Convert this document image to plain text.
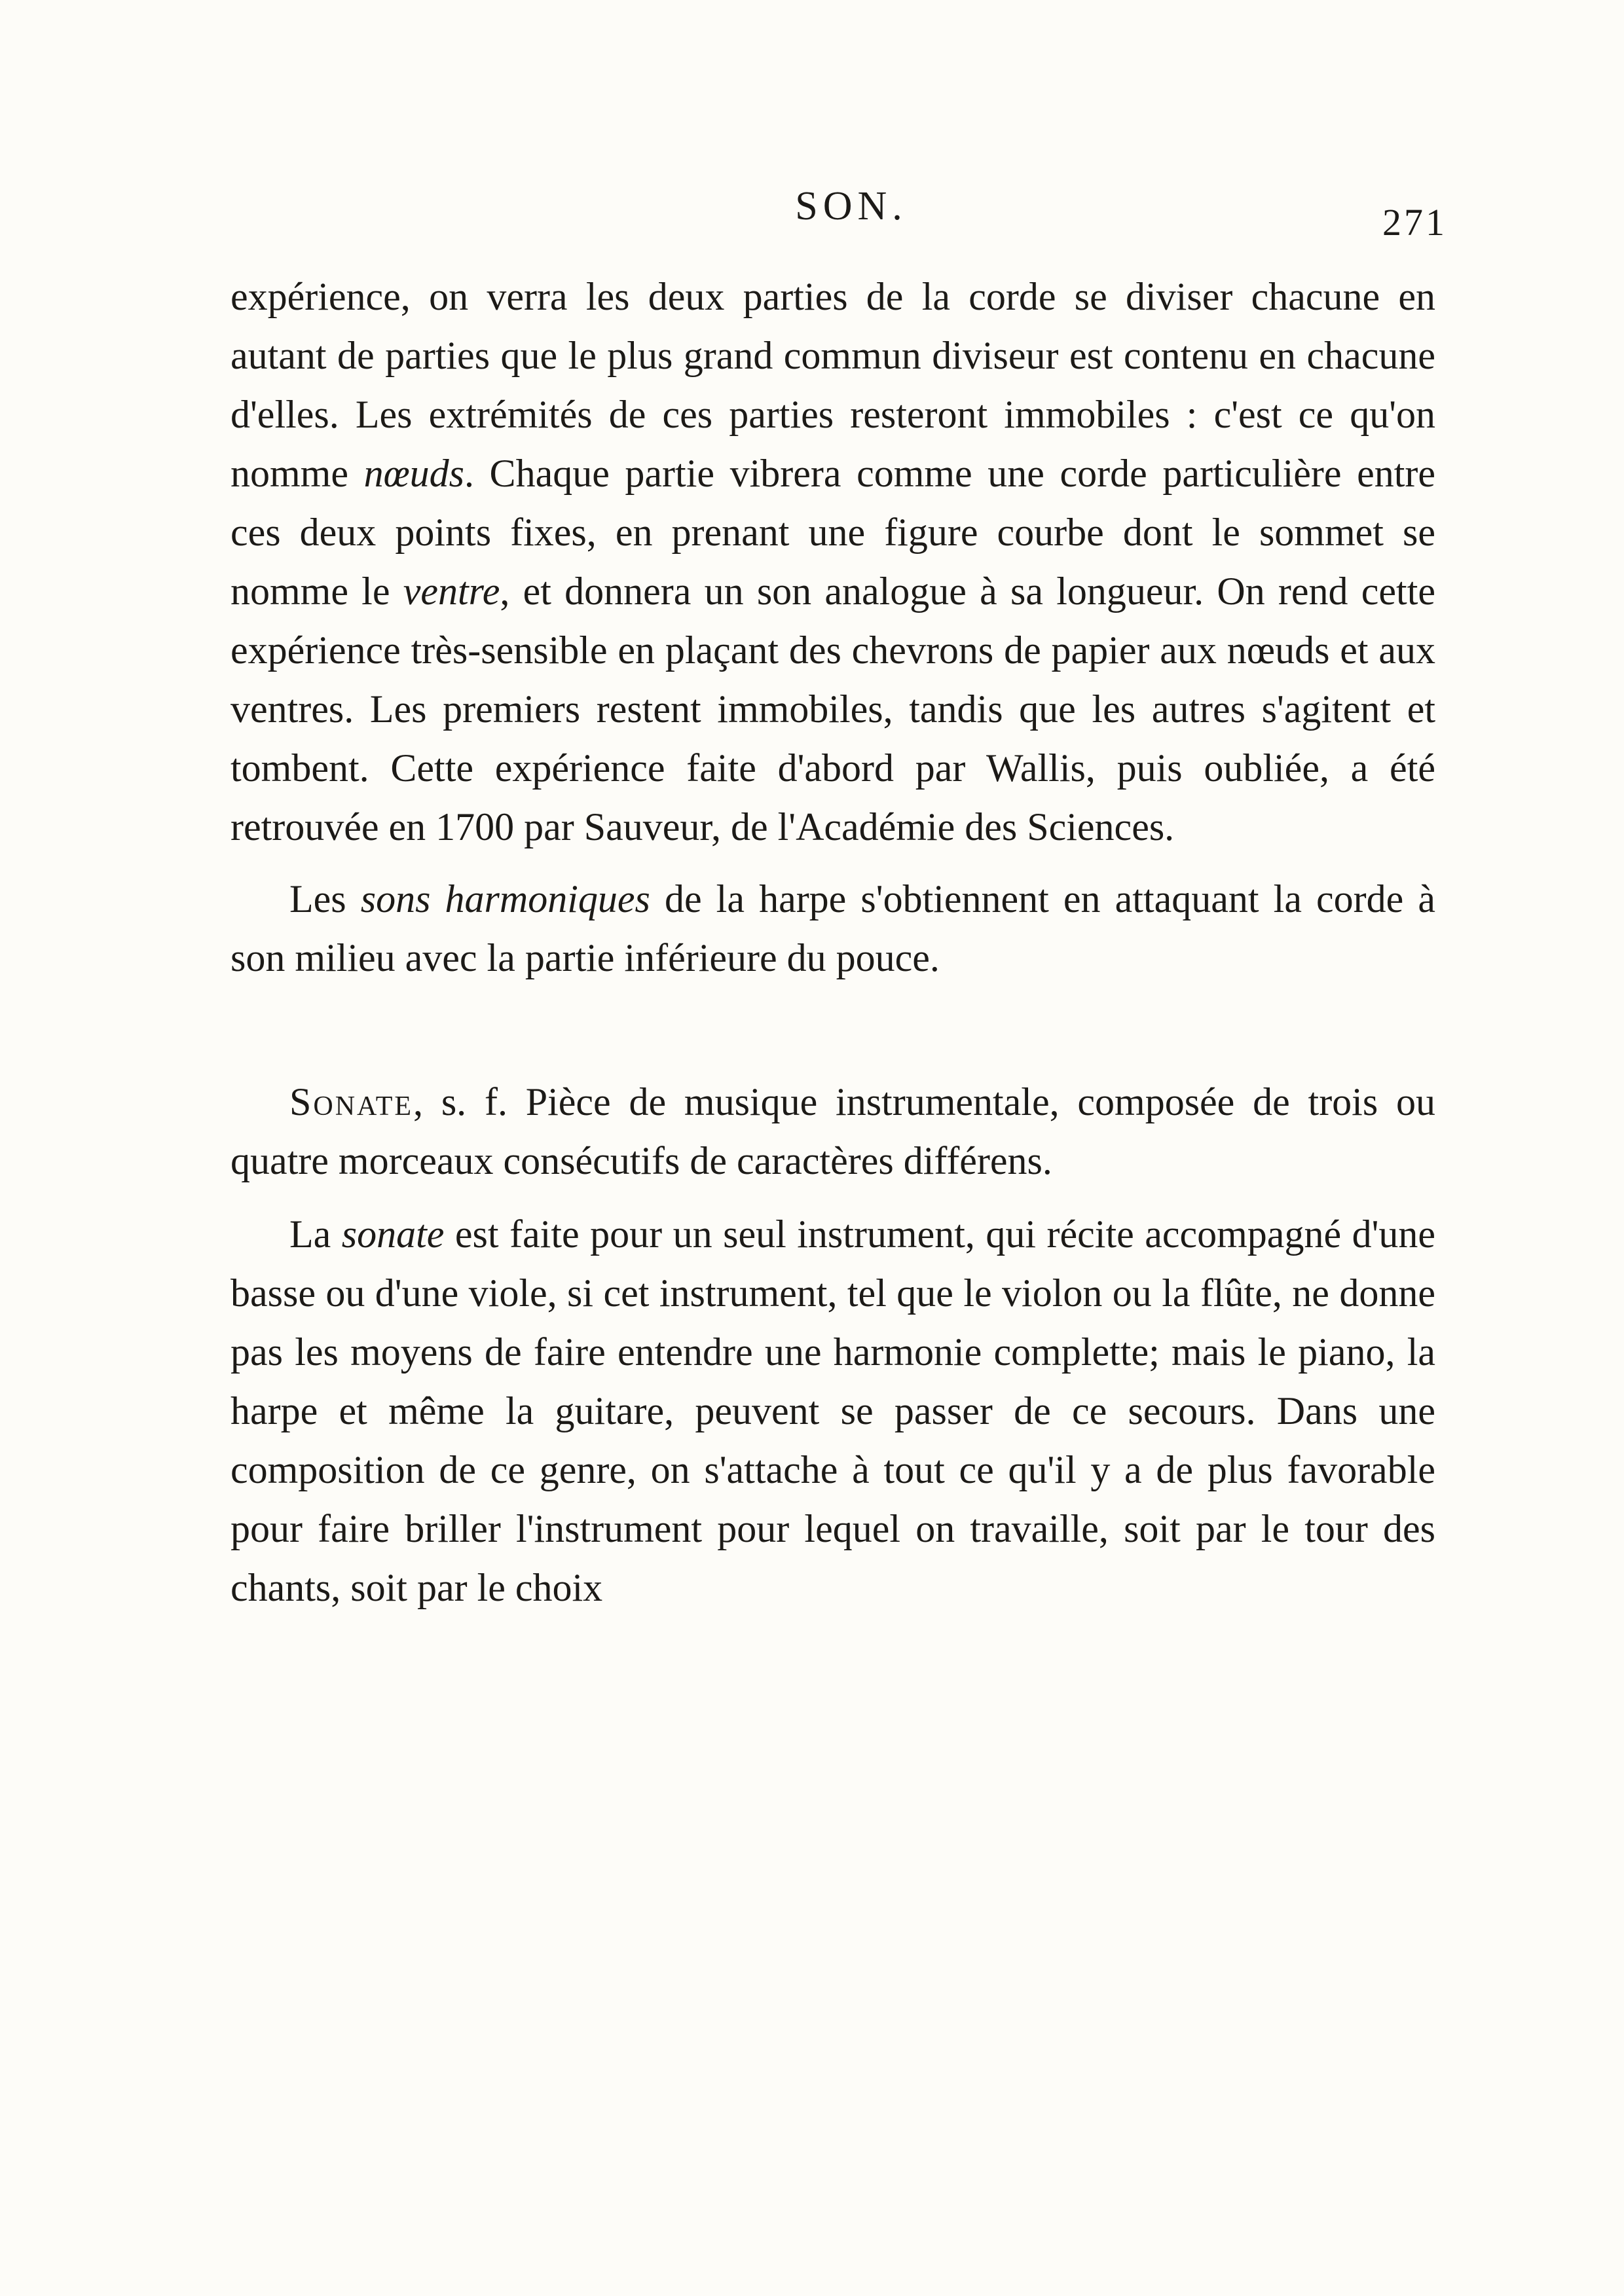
SON.	271

expérience, on verra les deux parties de la corde se diviser chacune en autant de parties que le plus grand commun diviseur est contenu en chacune d'elles. Les extrémités de ces parties resteront immobiles : c'est ce qu'on nomme nœuds. Chaque partie vibrera comme une corde particulière entre ces deux points fixes, en prenant une figure courbe dont le sommet se nomme le ventre, et donnera un son analogue à sa longueur. On rend cette expérience très-sensible en plaçant des chevrons de papier aux nœuds et aux ventres. Les premiers restent immobiles, tandis que les autres s'agitent et tombent. Cette expérience faite d'abord par Wallis, puis oubliée, a été retrouvée en 1700 par Sauveur, de l'Académie des Sciences.

Les sons harmoniques de la harpe s'obtiennent en attaquant la corde à son milieu avec la partie inférieure du pouce.

Sonate, s. f. Pièce de musique instrumentale, composée de trois ou quatre morceaux consécutifs de caractères différens.

La sonate est faite pour un seul instrument, qui récite accompagné d'une basse ou d'une viole, si cet instrument, tel que le violon ou la flûte, ne donne pas les moyens de faire entendre une harmonie complette; mais le piano, la harpe et même la guitare, peuvent se passer de ce secours. Dans une composition de ce genre, on s'attache à tout ce qu'il y a de plus favorable pour faire briller l'instrument pour lequel on travaille, soit par le tour des chants, soit par le choix
